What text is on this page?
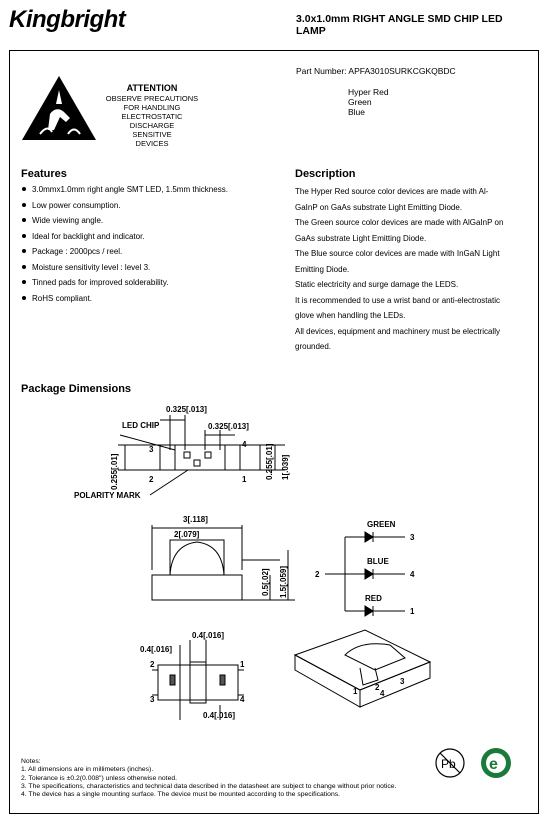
Kingbright	3.0x1.0mm RIGHT ANGLE SMD CHIP LED
LAMP
Part Number: APFA3010SURKCGKQBDC
Hyper Red
Green
Blue
ATTENTION
OBSERVE PRECAUTIONS
FOR HANDLING
ELECTROSTATIC
DISCHARGE
SENSITIVE
DEVICES
Features
3.0mmx1.0mm right angle SMT LED, 1.5mm thickness.
Low power consumption.
Wide viewing angle.
Ideal for backlight and indicator.
Package : 2000pcs / reel.
Moisture sensitivity level : level 3.
Tinned pads for improved solderability.
RoHS compliant.
Description
The Hyper Red source color devices are made with Al-
GaInP on GaAs substrate Light Emitting Diode.
The Green source color devices are made with AlGaInP on
GaAs substrate Light Emitting Diode.
The Blue source color devices are made with InGaN Light
Emitting Diode.
Static electricity and surge damage the LEDS.
It is recommended to use a wrist band or anti-electrostatic
glove when handling the LEDs.
All devices, equipment and machinery must be electrically
grounded.
Package Dimensions
0.325[.013]
0.325[.013]
LED CHIP
3
4
2	1
POLARITY MARK
0.255[.01]	0.255[.01] 1[.039]
3[.118]
2[.079]
0.5[.02] 1.5[.059]
0.4[.016]
0.4[.016]
0.4[.016]
2
3
1
4
GREEN
BLUE
RED
2
3
4
1
1 2
3
4
Notes:
1. All dimensions are in millimeters (inches).
2. Tolerance is ±0.2(0.008") unless otherwise noted.
3. The specifications, characteristics and technical data described in the datasheet are subject to change without prior notice.
4. The device has a single mounting surface. The device must be mounted according to the specifications.
Pb e
